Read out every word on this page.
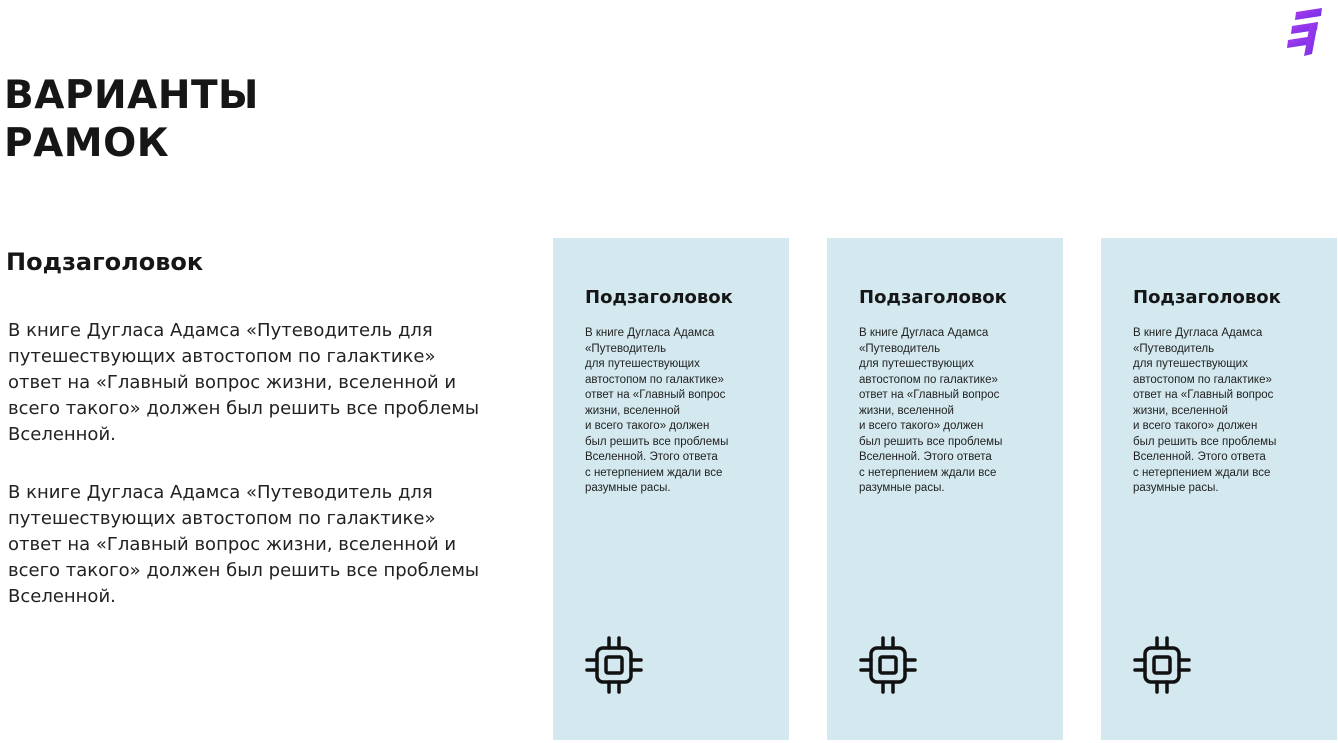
ВАРИАНТЫ
РАМОК
Подзаголовок

В книге Дугласа Адамса «Путеводитель для путешествующих автостопом по галактике» ответ на «Главный вопрос жизни, вселенной и всего такого» должен был решить все проблемы Вселенной.

В книге Дугласа Адамса «Путеводитель для путешествующих автостопом по галактике» ответ на «Главный вопрос жизни, вселенной и всего такого» должен был решить все проблемы Вселенной.

Подзаголовок

В книге Дугласа Адамса
«Путеводитель
для путешествующих
автостопом по галактике»
ответ на «Главный вопрос
жизни, вселенной
и всего такого» должен
был решить все проблемы
Вселенной. Этого ответа
с нетерпением ждали все
разумные расы.

Подзаголовок

В книге Дугласа Адамса
«Путеводитель
для путешествующих
автостопом по галактике»
ответ на «Главный вопрос
жизни, вселенной
и всего такого» должен
был решить все проблемы
Вселенной. Этого ответа
с нетерпением ждали все
разумные расы.

Подзаголовок

В книге Дугласа Адамса
«Путеводитель
для путешествующих
автостопом по галактике»
ответ на «Главный вопрос
жизни, вселенной
и всего такого» должен
был решить все проблемы
Вселенной. Этого ответа
с нетерпением ждали все
разумные расы.
